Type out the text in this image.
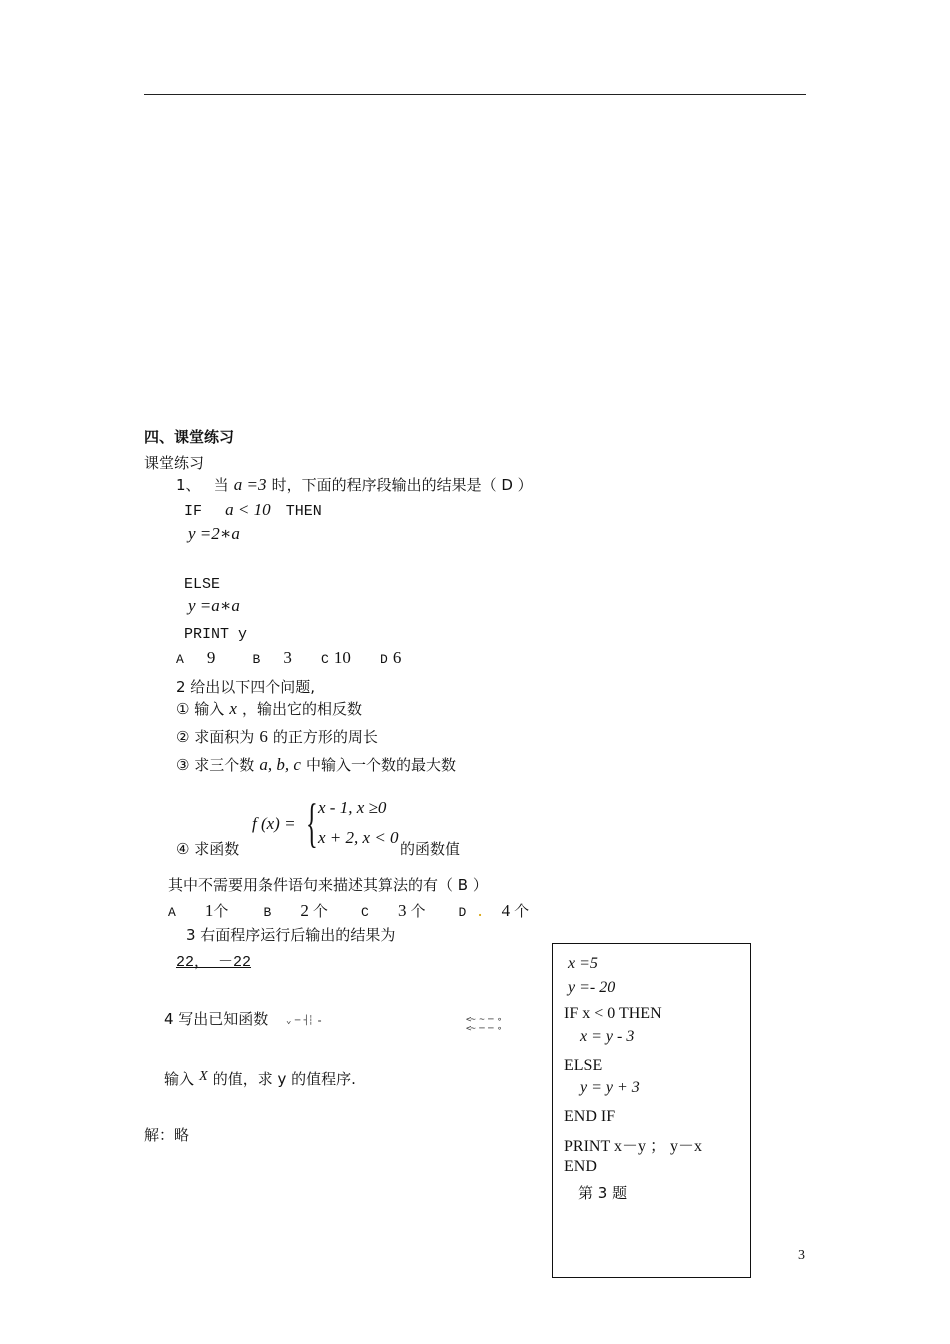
四、课堂练习
课堂练习
1、 当 a =3 时，下面的程序段输出的结果是（ D ）
IF a < 10 THEN
y =2∗a
ELSE
y =a∗a
PRINT y
A 9	B 3 C 10 D 6
2 给出以下四个问题,
① 输入 x ，输出它的相反数
② 求面积为 6 的正方形的周长
③ 求三个数 a, b, c 中输入一个数的最大数
④ 求函数
f (x) = { x - 1, x ≥0
x + 2, x < 0
的函数值
其中不需要用条件语句来描述其算法的有（ B ）
A 1个	B 2 个	C 3 个	D . 4 个
3 右面程序运行后输出的结果为
22， －22
4 写出已知函数 ⌄ ─ ┤┆ ₌	<~ ~ ─ ∘
<~ ─ ─ ∘
输入 X 的值，求 y 的值程序.
解：略
x =5
y =- 20
IF x < 0 THEN
x = y - 3
ELSE
y = y + 3
END IF
PRINT x－y ； y－x
END
第 3 题
3
